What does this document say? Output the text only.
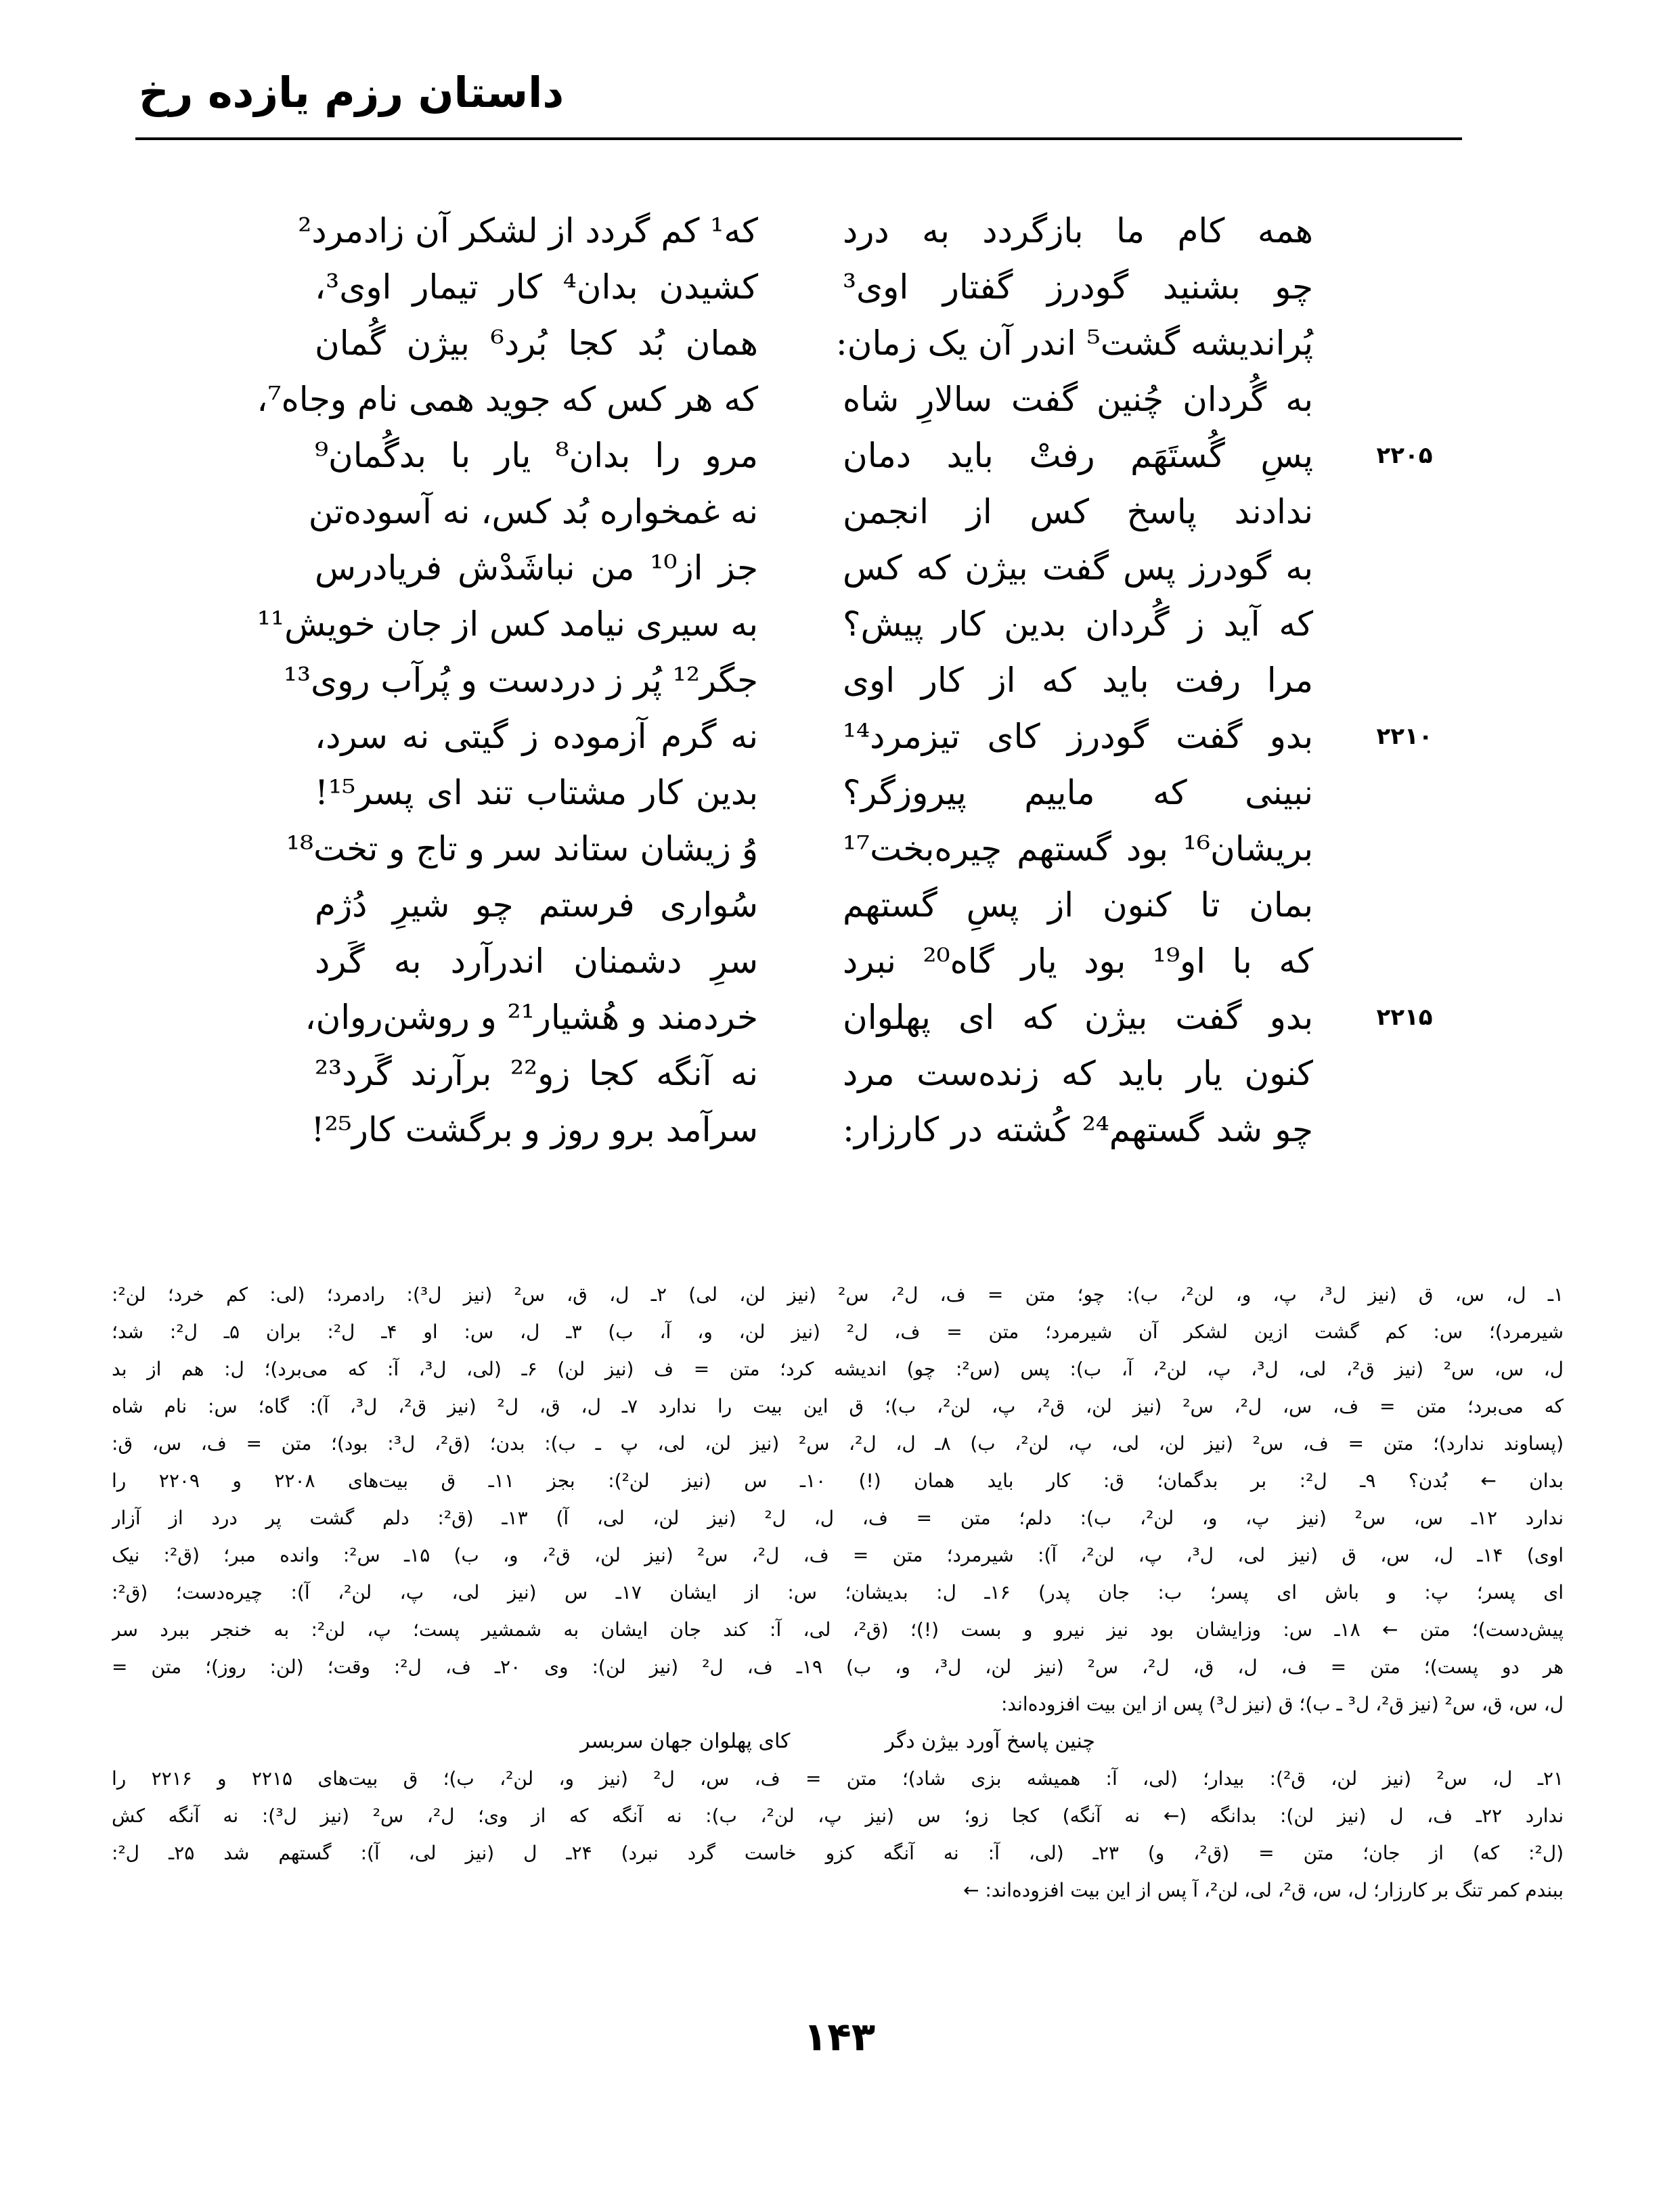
داستان رزم یازده رخ
همه کام ما بازگردد به درد
که¹ کم گردد از لشکر آن زادمرد²
چو بشنید گودرز گفتار اوی³
کشیدن بدان⁴ کار تیمار اوی³،
پُراندیشه گشت⁵ اندر آن یک زمان:
همان بُد کجا بُرد⁶ بیژن گُمان
به گُردان چُنین گفت سالارِ شاه
که هر کس که جوید همی نام وجاه⁷،
۲۲۰۵
پسِ گُستَهَم رفتْ باید دمان
مرو را بدان⁸ یار با بدگُمان⁹
ندادند پاسخ کس از انجمن
نه غمخواره بُد کس، نه آسوده‌تن
به گودرز پس گفت بیژن که کس
جز از¹⁰ من نباشَدْش فریادرس
که آید ز گُردان بدین کار پیش؟
به سیری نیامد کس از جان خویش¹¹
مرا رفت باید که از کار اوی
جگر¹² پُر ز دردست و پُرآب روی¹³
۲۲۱۰
بدو گفت گودرز کای تیزمرد¹⁴
نه گرم آزموده ز گیتی نه سرد،
نبینی که ماییم پیروزگر؟
بدین کار مشتاب تند ای پسر¹⁵!
بریشان¹⁶ بود گستهم چیره‌بخت¹⁷
وُ زیشان ستاند سر و تاج و تخت¹⁸
بمان تا کنون از پسِ گستهم
سُواری فرستم چو شیرِ دُژم
که با او¹⁹ بود یار گاه²⁰ نبرد
سرِ دشمنان اندرآرد به گَرد
۲۲۱۵
بدو گفت بیژن که ای پهلوان
خردمند و هُشیار²¹ و روشن‌روان،
کنون یار باید که زنده‌ست مرد
نه آنگه کجا زو²² برآرند گَرد²³
چو شد گستهم²⁴ کُشته در کارزار:
سرآمد برو روز و برگشت کار²⁵!
۱ـ ل، س، ق (نیز ل³، پ، و، لن²، ب): چو؛ متن = ف، ل²، س² (نیز لن، لی) ۲ـ ل، ق، س² (نیز ل³): رادمرد؛ (لی: کم خرد؛ لن²:
شیرمرد)؛ س: کم گشت ازین لشکر آن شیرمرد؛ متن = ف، ل² (نیز لن، و، آ، ب) ۳ـ ل، س: او ۴ـ ل²: بران ۵ـ ل²: شد؛
ل، س، س² (نیز ق²، لی، ل³، پ، لن²، آ، ب): پس (س²: چو) اندیشه کرد؛ متن = ف (نیز لن) ۶ـ (لی، ل³، آ: که می‌برد)؛ ل: هم از بد
که می‌برد؛ متن = ف، س، ل²، س² (نیز لن، ق²، پ، لن²، ب)؛ ق این بیت را ندارد ۷ـ ل، ق، ل² (نیز ق²، ل³، آ): گاه؛ س: نام شاه
(پساوند ندارد)؛ متن = ف، س² (نیز لن، لی، پ، لن²، ب) ۸ـ ل، ل²، س² (نیز لن، لی، پ ـ ب): بدن؛ (ق²، ل³: بود)؛ متن = ف، س، ق:
بدان ← بُدن؟ ۹ـ ل²: بر بدگمان؛ ق: کار باید همان (!) ۱۰ـ س (نیز لن²): بجز ۱۱ـ ق بیت‌های ۲۲۰۸ و ۲۲۰۹ را
ندارد ۱۲ـ س، س² (نیز پ، و، لن²، ب): دلم؛ متن = ف، ل، ل² (نیز لن، لی، آ) ۱۳ـ (ق²: دلم گشت پر درد از آزار
اوی) ۱۴ـ ل، س، ق (نیز لی، ل³، پ، لن²، آ): شیرمرد؛ متن = ف، ل²، س² (نیز لن، ق²، و، ب) ۱۵ـ س²: وانده مبر؛ (ق²: نیک
ای پسر؛ پ: و باش ای پسر؛ ب: جان پدر) ۱۶ـ ل: بدیشان؛ س: از ایشان ۱۷ـ س (نیز لی، پ، لن²، آ): چیره‌دست؛ (ق²:
پیش‌دست)؛ متن ← ۱۸ـ س: وزایشان بود نیز نیرو و بست (!)؛ (ق²، لی، آ: کند جان ایشان به شمشیر پست؛ پ، لن²: به خنجر ببرد سر
هر دو پست)؛ متن = ف، ل، ق، ل²، س² (نیز لن، ل³، و، ب) ۱۹ـ ف، ل² (نیز لن): وی ۲۰ـ ف، ل²: وقت؛ (لن: روز)؛ متن =
ل، س، ق، س² (نیز ق²، ل³ ـ ب)؛ ق (نیز ل³) پس از این بیت افزوده‌اند:
چنین پاسخ آورد بیژن دگر
کای پهلوان جهان سربسر
۲۱ـ ل، س² (نیز لن، ق²): بیدار؛ (لی، آ: همیشه بزی شاد)؛ متن = ف، س، ل² (نیز و، لن²، ب)؛ ق بیت‌های ۲۲۱۵ و ۲۲۱۶ را
ندارد ۲۲ـ ف، ل (نیز لن): بدانگه (← نه آنگه) کجا زو؛ س (نیز پ، لن²، ب): نه آنگه که از وی؛ ل²، س² (نیز ل³): نه آنگه کش
(ل²: که) از جان؛ متن = (ق²، و) ۲۳ـ (لی، آ: نه آنگه کزو خاست گرد نبرد) ۲۴ـ ل (نیز لی، آ): گستهم شد ۲۵ـ ل²:
ببندم کمر تنگ بر کارزار؛ ل، س، ق²، لی، لن²، آ پس از این بیت افزوده‌اند: ←
۱۴۳
